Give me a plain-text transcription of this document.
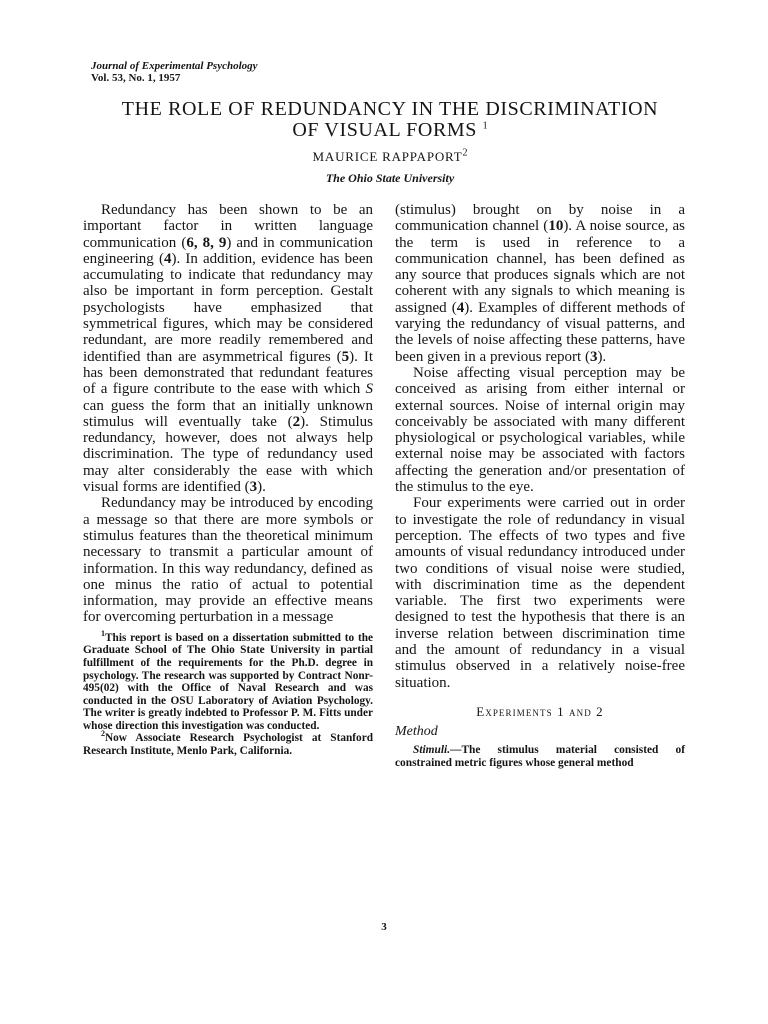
Journal of Experimental Psychology
Vol. 53, No. 1, 1957
THE ROLE OF REDUNDANCY IN THE DISCRIMINATION
OF VISUAL FORMS $^1$
MAURICE RAPPAPORT$^2$
The Ohio State University

Redundancy has been shown to be an important factor in written language communication (6, 8, 9) and in communication engineering (4). In addition, evidence has been accumulating to indicate that redundancy may also be important in form perception. Gestalt psychologists have emphasized that symmetrical figures, which may be considered redundant, are more readily remembered and identified than are asymmetrical figures (5). It has been demonstrated that redundant features of a figure contribute to the ease with which S can guess the form that an initially unknown stimulus will eventually take (2). Stimulus redundancy, however, does not always help discrimination. The type of redundancy used may alter considerably the ease with which visual forms are identified (3).

Redundancy may be introduced by encoding a message so that there are more symbols or stimulus features than the theoretical minimum necessary to transmit a particular amount of information. In this way redundancy, defined as one minus the ratio of actual to potential information, may provide an effective means for overcoming perturbation in a message

$^1$This report is based on a dissertation submitted to the Graduate School of The Ohio State University in partial fulfillment of the requirements for the Ph.D. degree in psychology. The research was supported by Contract Nonr-495(02) with the Office of Naval Research and was conducted in the OSU Laboratory of Aviation Psychology. The writer is greatly indebted to Professor P. M. Fitts under whose direction this investigation was conducted.

$^2$Now Associate Research Psychologist at Stanford Research Institute, Menlo Park, California.

(stimulus) brought on by noise in a communication channel (10). A noise source, as the term is used in reference to a communication channel, has been defined as any source that produces signals which are not coherent with any signals to which meaning is assigned (4). Examples of different methods of varying the redundancy of visual patterns, and the levels of noise affecting these patterns, have been given in a previous report (3).

Noise affecting visual perception may be conceived as arising from either internal or external sources. Noise of internal origin may conceivably be associated with many different physiological or psychological variables, while external noise may be associated with factors affecting the generation and/or presentation of the stimulus to the eye.

Four experiments were carried out in order to investigate the role of redundancy in visual perception. The effects of two types and five amounts of visual redundancy introduced under two conditions of visual noise were studied, with discrimination time as the dependent variable. The first two experiments were designed to test the hypothesis that there is an inverse relation between discrimination time and the amount of redundancy in a visual stimulus observed in a relatively noise-free situation.

Experiments 1 and 2
Method

Stimuli.—The stimulus material consisted of constrained metric figures whose general method

3
